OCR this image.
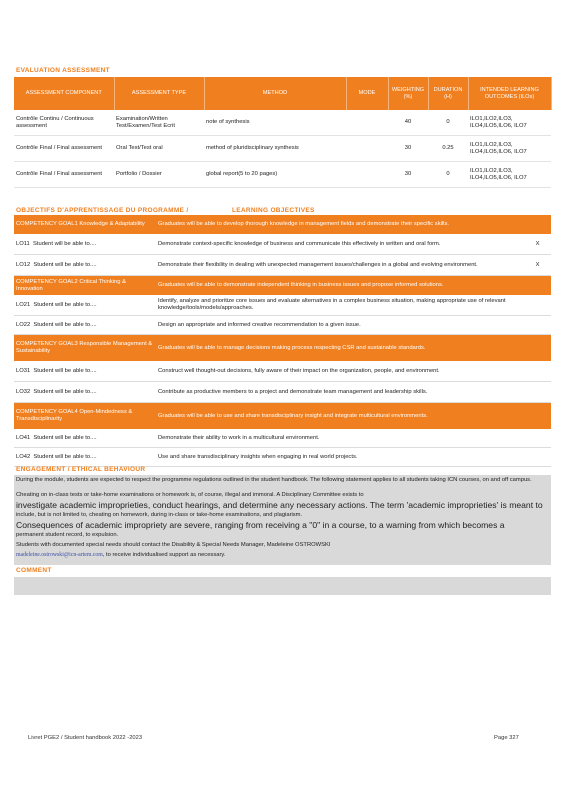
EVALUATION ASSESSMENT
ASSESSMENT COMPONENT	ASSESSMENT TYPE	METHOD	MODE	WEIGHTING (%)	DURATION (H)	INTENDED LEARNING OUTCOMES (ILOs)
Contrôle Continu / Continuous assessment	Examination/Written Test/Examen/Test Ecrit	note of synthesis		40	0	ILO1,ILO2,ILO3, ILO4,ILO5,ILO6, ILO7
Contrôle Final / Final assessment	Oral Test/Test oral	method of pluridisciplinary synthesis		30	0.25	ILO1,ILO2,ILO3, ILO4,ILO5,ILO6, ILO7
Contrôle Final / Final assessment	Portfolio / Dossier	global report(5 to 20 pages)		30	0	ILO1,ILO2,ILO3, ILO4,ILO5,ILO6, ILO7
OBJECTIFS D'APPRENTISSAGE DU PROGRAMME /	LEARNING OBJECTIVES
COMPETENCY GOAL1 Knowledge & Adaptability	Graduates will be able to develop thorough knowledge in management fields and demonstrate their specific skills.	
LO11 Student will be able to....	Demonstrate context-specific knowledge of business and communicate this effectively in written and oral form.	X
LO12 Student will be able to....	Demonstrate their flexibility in dealing with unexpected management issues/challenges in a global and evolving environment.	X
COMPETENCY GOAL2 Critical Thinking & Innovation	Graduates will be able to demonstrate independent thinking in business issues and propose informed solutions.	
LO21 Student will be able to....	Identify, analyze and prioritize core issues and evaluate alternatives in a complex business situation, making appropriate use of relevant knowledge/tools/models/approaches.	
LO22 Student will be able to....	Design an appropriate and informed creative recommendation to a given issue.	
COMPETENCY GOAL3 Responsible Management & Sustainability	Graduates will be able to manage decisions making process respecting CSR and sustainable standards.	
LO31 Student will be able to....	Construct well thought-out decisions, fully aware of their impact on the organization, people, and environment.	
LO32 Student will be able to....	Contribute as productive members to a project and demonstrate team management and leadership skills.	
COMPETENCY GOAL4 Open-Mindedness & Transdisciplinarity	Graduates will be able to use and share transdisciplinary insight and integrate multicultural environments.	
LO41 Student will be able to....	Demonstrate their ability to work in a multicultural environment.	
LO42 Student will be able to....	Use and share transdisciplinary insights when engaging in real world projects.	
ENGAGEMENT / ETHICAL BEHAVIOUR
During the module, students are expected to respect the programme regulations outlined in the student handbook. The following statement applies to all students taking ICN courses, on and off campus.
Cheating on in-class tests or take-home examinations or homework is, of course, illegal and immoral. A Disciplinary Committee exists to
investigate academic improprieties, conduct hearings, and determine any necessary actions. The term 'academic improprieties' is meant to
include, but is not limited to, cheating on homework, during in-class or take-home examinations, and plagiarism.
Consequences of academic impropriety are severe, ranging from receiving a "0" in a course, to a warning from which becomes a
permanent student record, to expulsion.
Students with documented special needs should contact the Disability & Special Needs Manager, Madeleine OSTROWSKI
madeleine.ostrowski@icn-artem.com, to receive individualised support as necessary.
COMMENT
Livret PGE2 / Student handbook 2022 -2023	Page 327
